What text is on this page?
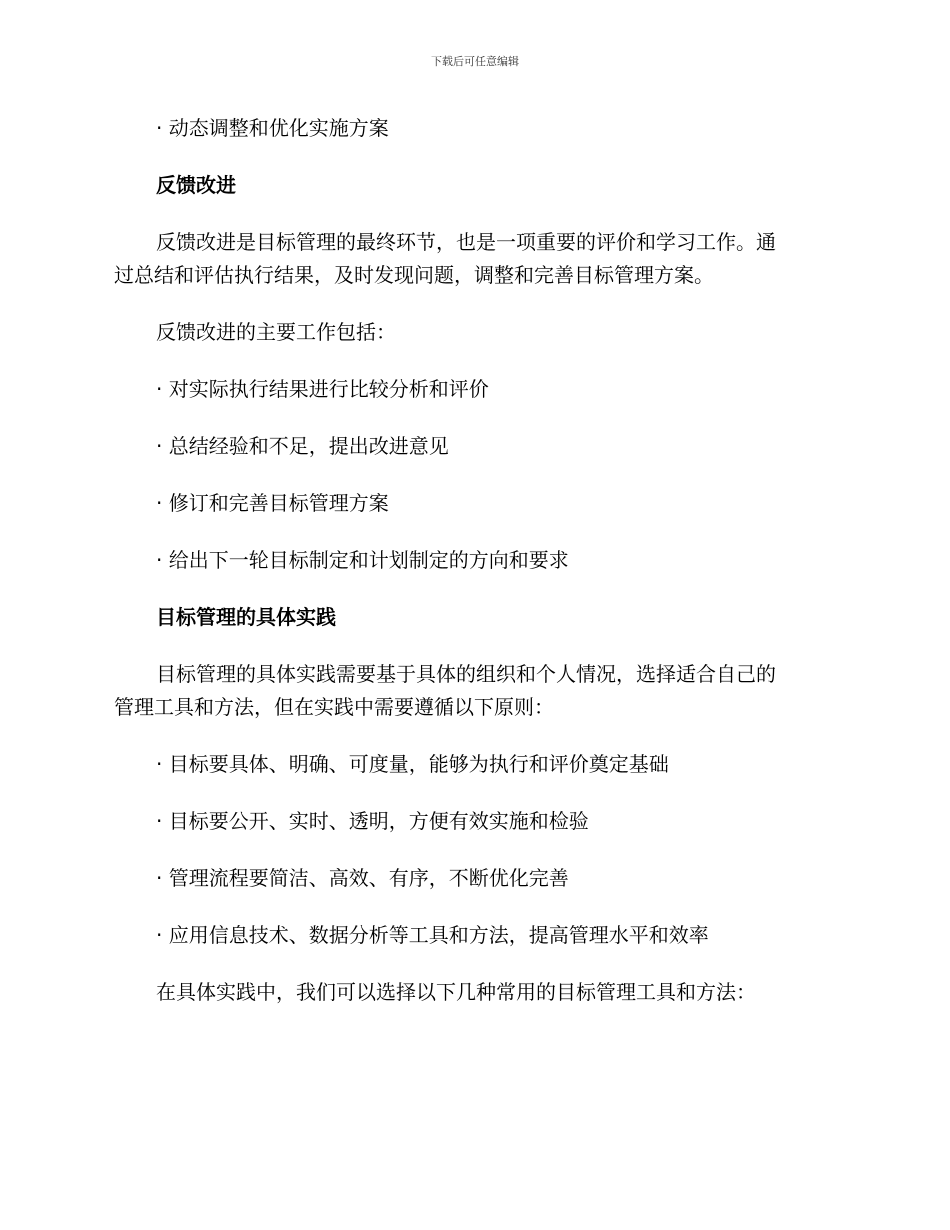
下载后可任意编辑

· 动态调整和优化实施方案

反馈改进

反馈改进是目标管理的最终环节，也是一项重要的评价和学习工作。通

过总结和评估执行结果，及时发现问题，调整和完善目标管理方案。

反馈改进的主要工作包括：

· 对实际执行结果进行比较分析和评价

· 总结经验和不足，提出改进意见

· 修订和完善目标管理方案

· 给出下一轮目标制定和计划制定的方向和要求

目标管理的具体实践

目标管理的具体实践需要基于具体的组织和个人情况，选择适合自己的

管理工具和方法，但在实践中需要遵循以下原则：

· 目标要具体、明确、可度量，能够为执行和评价奠定基础

· 目标要公开、实时、透明，方便有效实施和检验

· 管理流程要简洁、高效、有序，不断优化完善

· 应用信息技术、数据分析等工具和方法，提高管理水平和效率

在具体实践中，我们可以选择以下几种常用的目标管理工具和方法：
